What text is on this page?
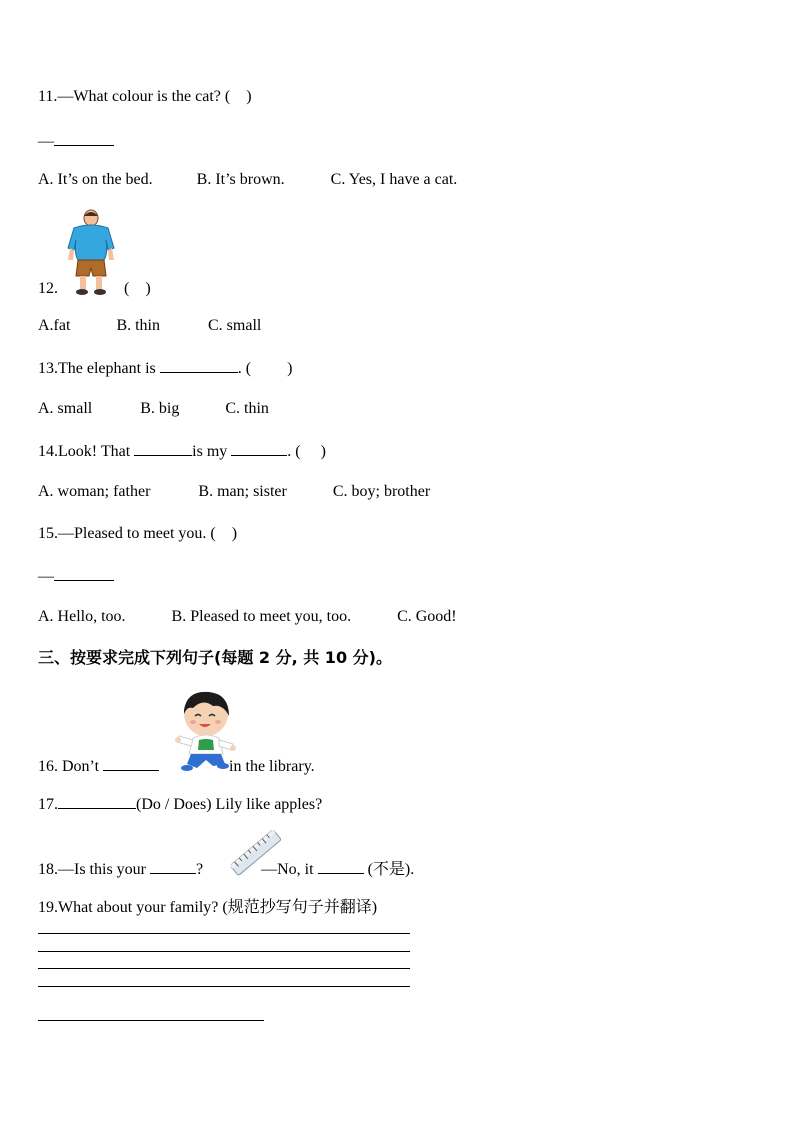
11.—What colour is the cat? (    )
—
A. It’s on the bed.	B. It’s brown.	C. Yes, I have a cat.
12.	(    )
A.fat	B. thin	C. small
13.The elephant is	. (         )
A. small	B. big	C. thin
14.Look! That	is my	. (     )
A. woman; father	B. man; sister	C. boy; brother
15.—Pleased to meet you. (    )
—
A. Hello, too.	B. Pleased to meet you, too.	C. Good!
三、按要求完成下列句子(每题 2 分, 共 10 分)。
16. Don’t	in the library.
17.	(Do / Does) Lily like apples?
18.—Is this your	?	—No, it	(不是).
19.What about your family? (规范抄写句子并翻译)
